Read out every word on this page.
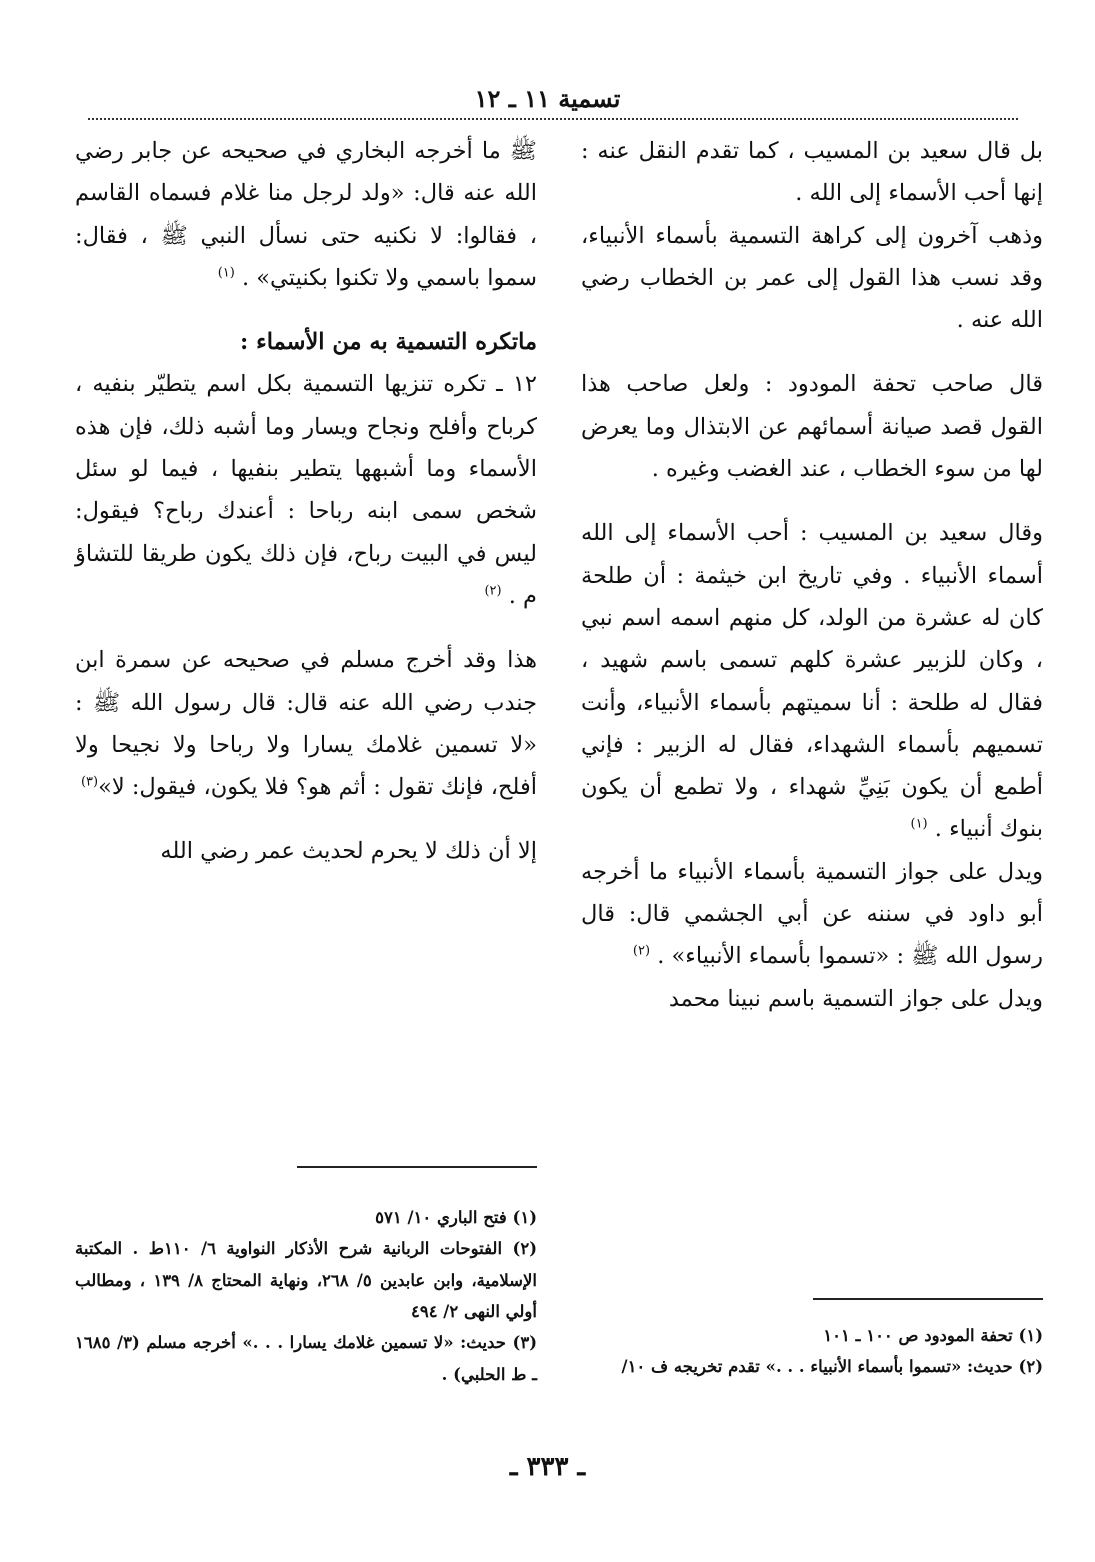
تسمية ١١ ـ ١٢

بل قال سعيد بن المسيب ، كما تقدم النقل عنه : إنها أحب الأسماء إلى الله .

وذهب آخرون إلى كراهة التسمية بأسماء الأنبياء، وقد نسب هذا القول إلى عمر بن الخطاب رضي الله عنه .

قال صاحب تحفة المودود : ولعل صاحب هذا القول قصد صيانة أسمائهم عن الابتذال وما يعرض لها من سوء الخطاب ، عند الغضب وغيره .

وقال سعيد بن المسيب : أحب الأسماء إلى الله أسماء الأنبياء . وفي تاريخ ابن خيثمة : أن طلحة كان له عشرة من الولد، كل منهم اسمه اسم نبي ، وكان للزبير عشرة كلهم تسمى باسم شهيد ، فقال له طلحة : أنا سميتهم بأسماء الأنبياء، وأنت تسميهم بأسماء الشهداء، فقال له الزبير : فإني أطمع أن يكون بَنِيِّ شهداء ، ولا تطمع أن يكون بنوك أنبياء . $^{(١)}$

ويدل على جواز التسمية بأسماء الأنبياء ما أخرجه أبو داود في سننه عن أبي الجشمي قال: قال رسول الله ﷺ : «تسموا بأسماء الأنبياء» . $^{(٢)}$

ويدل على جواز التسمية باسم نبينا محمد

ﷺ ما أخرجه البخاري في صحيحه عن جابر رضي الله عنه قال: «ولد لرجل منا غلام فسماه القاسم ، فقالوا: لا نكنيه حتى نسأل النبي ﷺ ، فقال: سموا باسمي ولا تكنوا بكنيتي» . $^{(١)}$

ماتكره التسمية به من الأسماء :

١٢ ـ تكره تنزيها التسمية بكل اسم يتطيّر بنفيه ، كرباح وأفلح ونجاح ويسار وما أشبه ذلك، فإن هذه الأسماء وما أشبهها يتطير بنفيها ، فيما لو سئل شخص سمى ابنه رباحا : أعندك رباح؟ فيقول: ليس في البيت رباح، فإن ذلك يكون طريقا للتشاؤ م . $^{(٢)}$

هذا وقد أخرج مسلم في صحيحه عن سمرة ابن جندب رضي الله عنه قال: قال رسول الله ﷺ : «لا تسمين غلامك يسارا ولا رباحا ولا نجيحا ولا أفلح، فإنك تقول : أثم هو؟ فلا يكون، فيقول: لا»$^{(٣)}$

إلا أن ذلك لا يحرم لحديث عمر رضي الله

(١) تحفة المودود ص ١٠٠ ـ ١٠١

(٢) حديث: «تسموا بأسماء الأنبياء . . .» تقدم تخريجه ف ١٠/

(١) فتح الباري ١٠/ ٥٧١

(٢) الفتوحات الربانية شرح الأذكار النواوية ٦/ ١١٠ط . المكتبة الإسلامية، وابن عابدين ٥/ ٢٦٨، ونهاية المحتاج ٨/ ١٣٩ ، ومطالب أولي النهى ٢/ ٤٩٤

(٣) حديث: «لا تسمين غلامك يسارا . . .» أخرجه مسلم (٣/ ١٦٨٥ ـ ط الحلبي) .

ـ ٣٣٣ ـ
